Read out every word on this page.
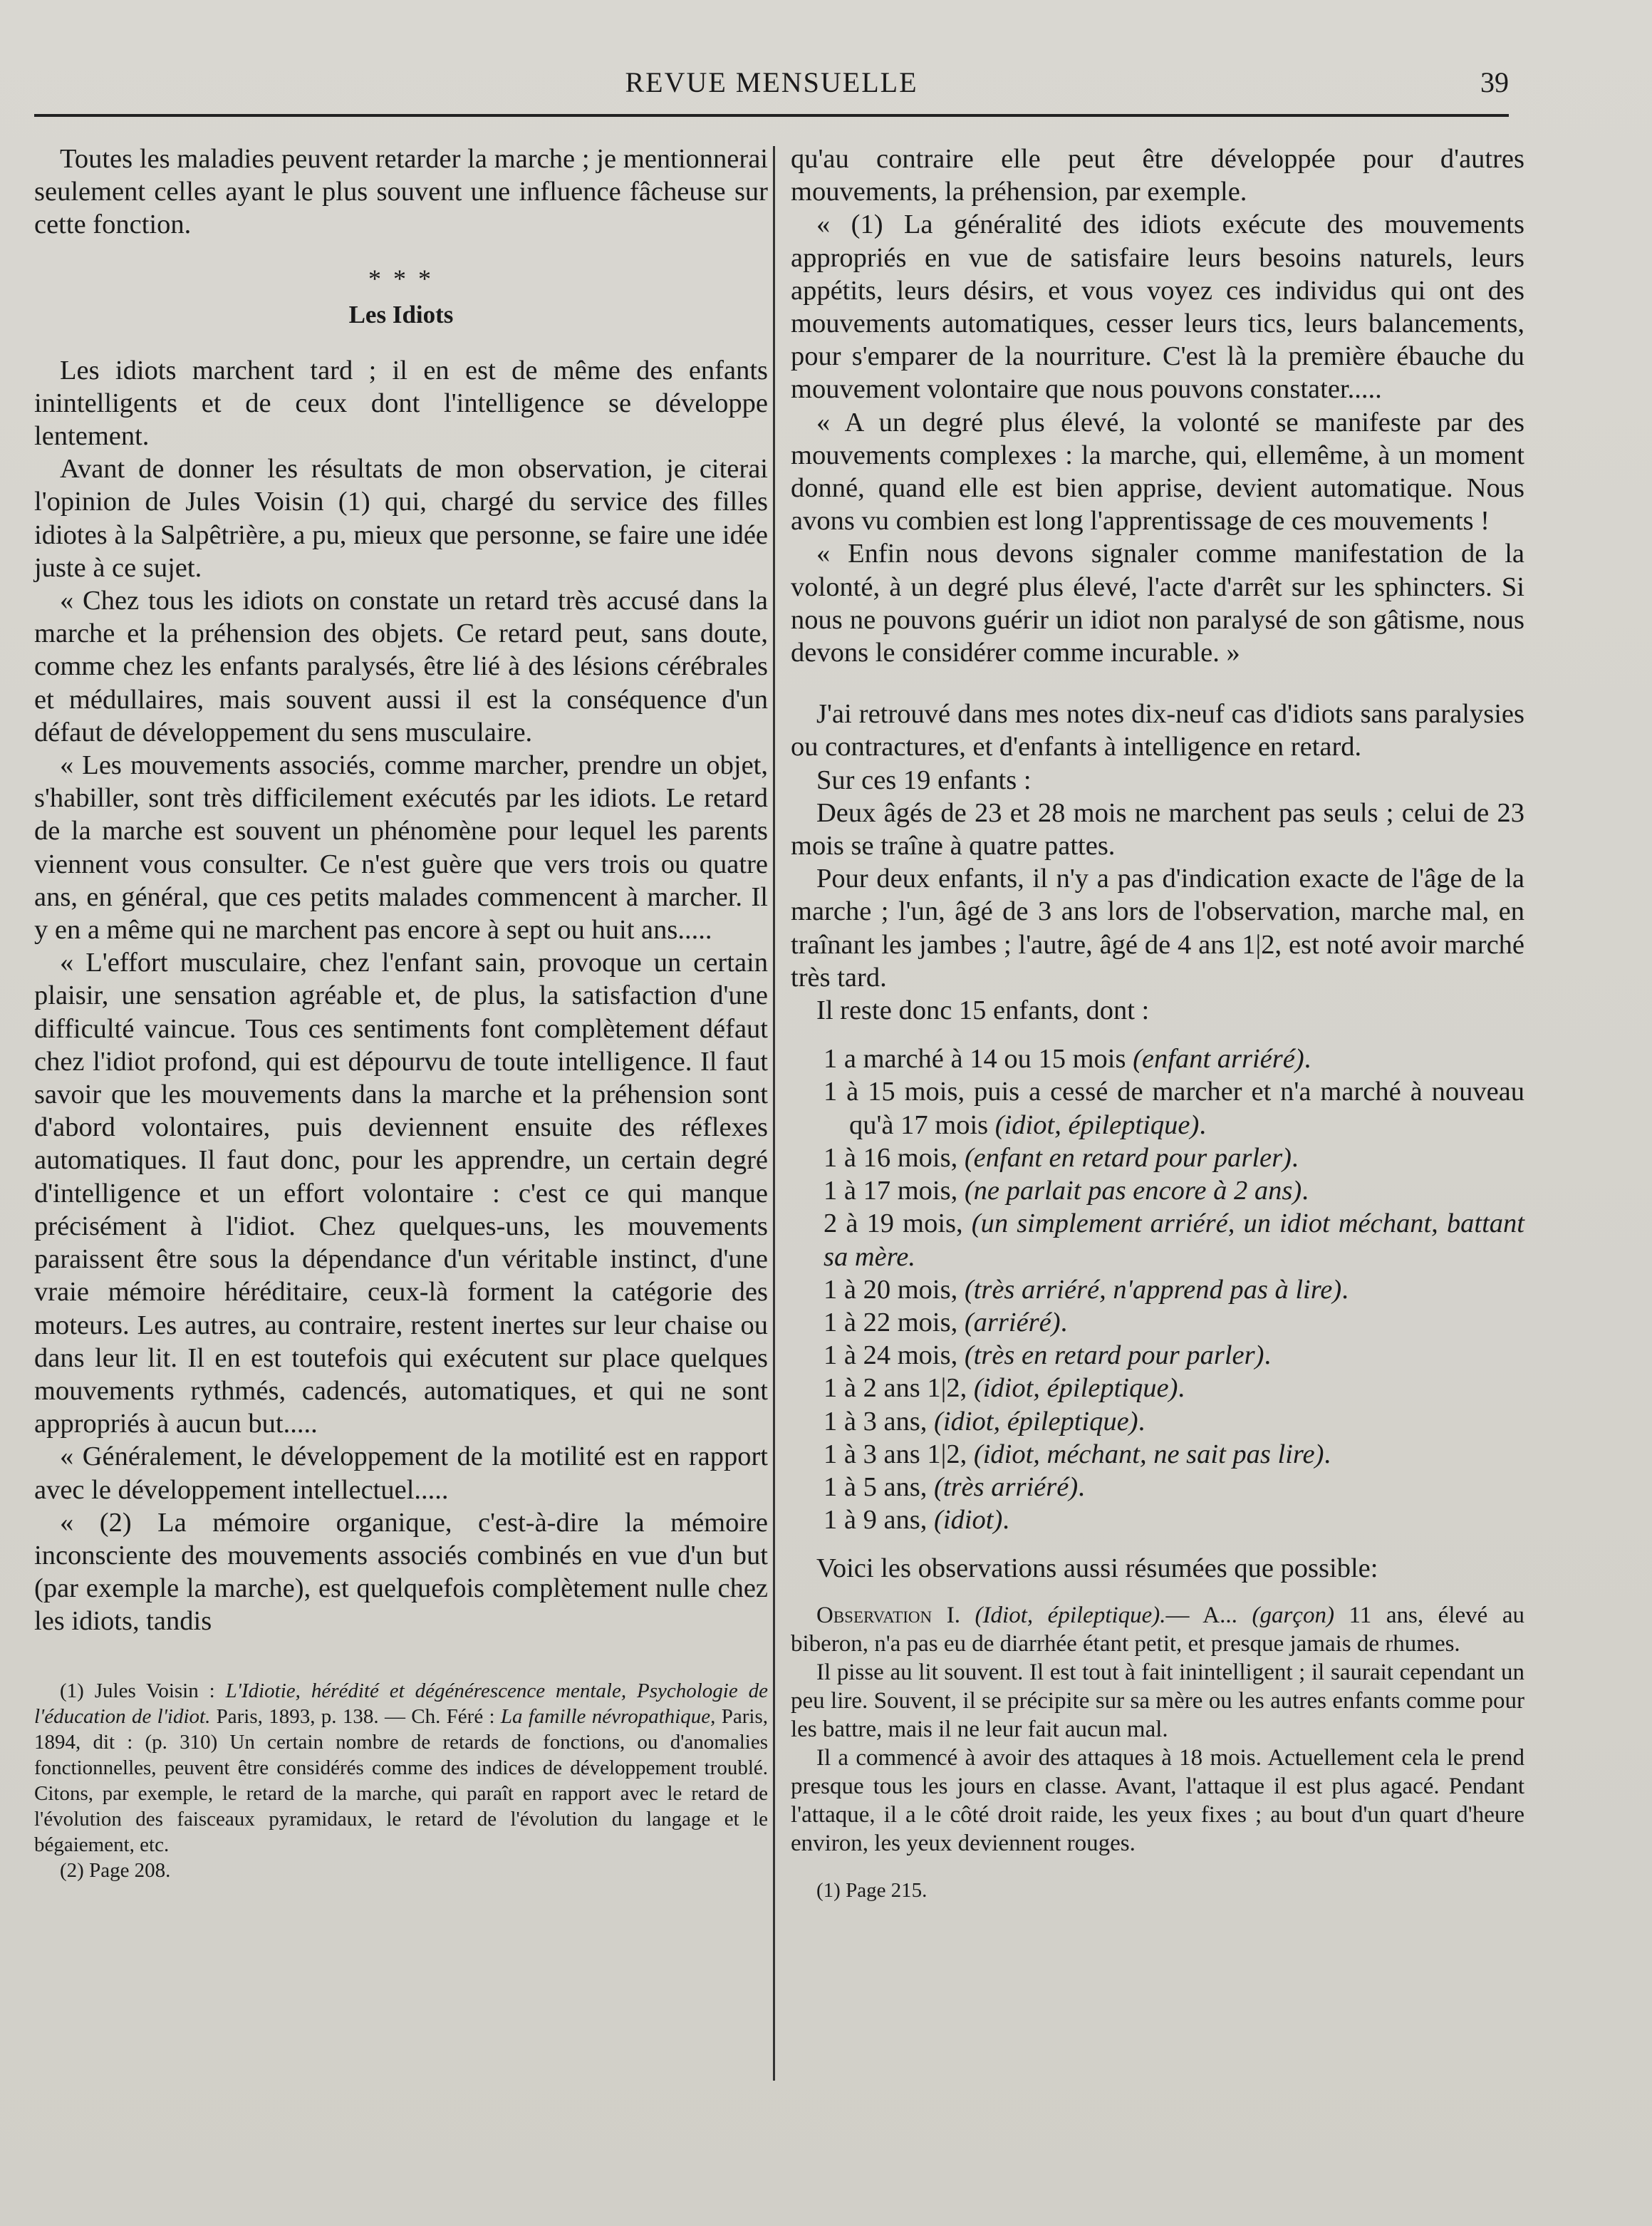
REVUE MENSUELLE	39

Toutes les maladies peuvent retarder la marche ; je mentionnerai seulement celles ayant le plus souvent une influence fâcheuse sur cette fonction.

* * *
Les Idiots

Les idiots marchent tard ; il en est de même des enfants inintelligents et de ceux dont l'intelligence se développe lentement.

Avant de donner les résultats de mon observation, je citerai l'opinion de Jules Voisin (1) qui, chargé du service des filles idiotes à la Salpêtrière, a pu, mieux que personne, se faire une idée juste à ce sujet.

« Chez tous les idiots on constate un retard très accusé dans la marche et la préhension des objets. Ce retard peut, sans doute, comme chez les enfants paralysés, être lié à des lésions cérébrales et médullaires, mais souvent aussi il est la conséquence d'un défaut de développement du sens musculaire.

« Les mouvements associés, comme marcher, prendre un objet, s'habiller, sont très difficilement exécutés par les idiots. Le retard de la marche est souvent un phénomène pour lequel les parents viennent vous consulter. Ce n'est guère que vers trois ou quatre ans, en général, que ces petits malades commencent à marcher. Il y en a même qui ne marchent pas encore à sept ou huit ans.....

« L'effort musculaire, chez l'enfant sain, provoque un certain plaisir, une sensation agréable et, de plus, la satisfaction d'une difficulté vaincue. Tous ces sentiments font complètement défaut chez l'idiot profond, qui est dépourvu de toute intelligence. Il faut savoir que les mouvements dans la marche et la préhension sont d'abord volontaires, puis deviennent ensuite des réflexes automatiques. Il faut donc, pour les apprendre, un certain degré d'intelligence et un effort volontaire : c'est ce qui manque précisément à l'idiot. Chez quelques-uns, les mouvements paraissent être sous la dépendance d'un véritable instinct, d'une vraie mémoire héréditaire, ceux-là forment la catégorie des moteurs. Les autres, au contraire, restent inertes sur leur chaise ou dans leur lit. Il en est toutefois qui exécutent sur place quelques mouvements rythmés, cadencés, automatiques, et qui ne sont appropriés à aucun but.....

« Généralement, le développement de la motilité est en rapport avec le développement intellectuel.....

« (2) La mémoire organique, c'est-à-dire la mémoire inconsciente des mouvements associés combinés en vue d'un but (par exemple la marche), est quelquefois complètement nulle chez les idiots, tandis

(1) Jules Voisin : L'Idiotie, hérédité et dégénérescence mentale, Psychologie de l'éducation de l'idiot. Paris, 1893, p. 138. — Ch. Féré : La famille névropathique, Paris, 1894, dit : (p. 310) Un certain nombre de retards de fonctions, ou d'anomalies fonctionnelles, peuvent être considérés comme des indices de développement troublé. Citons, par exemple, le retard de la marche, qui paraît en rapport avec le retard de l'évolution des faisceaux pyramidaux, le retard de l'évolution du langage et le bégaiement, etc.

(2) Page 208.

qu'au contraire elle peut être développée pour d'autres mouvements, la préhension, par exemple.

« (1) La généralité des idiots exécute des mouvements appropriés en vue de satisfaire leurs besoins naturels, leurs appétits, leurs désirs, et vous voyez ces individus qui ont des mouvements automatiques, cesser leurs tics, leurs balancements, pour s'emparer de la nourriture. C'est là la première ébauche du mouvement volontaire que nous pouvons constater.....

« A un degré plus élevé, la volonté se manifeste par des mouvements complexes : la marche, qui, ellemême, à un moment donné, quand elle est bien apprise, devient automatique. Nous avons vu combien est long l'apprentissage de ces mouvements !

« Enfin nous devons signaler comme manifestation de la volonté, à un degré plus élevé, l'acte d'arrêt sur les sphincters. Si nous ne pouvons guérir un idiot non paralysé de son gâtisme, nous devons le considérer comme incurable. »

J'ai retrouvé dans mes notes dix-neuf cas d'idiots sans paralysies ou contractures, et d'enfants à intelligence en retard.

Sur ces 19 enfants :

Deux âgés de 23 et 28 mois ne marchent pas seuls ; celui de 23 mois se traîne à quatre pattes.

Pour deux enfants, il n'y a pas d'indication exacte de l'âge de la marche ; l'un, âgé de 3 ans lors de l'observation, marche mal, en traînant les jambes ; l'autre, âgé de 4 ans 1|2, est noté avoir marché très tard.

Il reste donc 15 enfants, dont :

1 a marché à 14 ou 15 mois (enfant arriéré).

1 à 15 mois, puis a cessé de marcher et n'a marché à nouveau qu'à 17 mois (idiot, épileptique).

1 à 16 mois, (enfant en retard pour parler).

1 à 17 mois, (ne parlait pas encore à 2 ans).

2 à 19 mois, (un simplement arriéré, un idiot méchant, battant sa mère.

1 à 20 mois, (très arriéré, n'apprend pas à lire).

1 à 22 mois, (arriéré).

1 à 24 mois, (très en retard pour parler).

1 à 2 ans 1|2, (idiot, épileptique).

1 à 3 ans, (idiot, épileptique).

1 à 3 ans 1|2, (idiot, méchant, ne sait pas lire).

1 à 5 ans, (très arriéré).

1 à 9 ans, (idiot).

Voici les observations aussi résumées que possible:

Observation I. (Idiot, épileptique).— A... (garçon) 11 ans, élevé au biberon, n'a pas eu de diarrhée étant petit, et presque jamais de rhumes.

Il pisse au lit souvent. Il est tout à fait inintelligent ; il saurait cependant un peu lire. Souvent, il se précipite sur sa mère ou les autres enfants comme pour les battre, mais il ne leur fait aucun mal.

Il a commencé à avoir des attaques à 18 mois. Actuellement cela le prend presque tous les jours en classe. Avant, l'attaque il est plus agacé. Pendant l'attaque, il a le côté droit raide, les yeux fixes ; au bout d'un quart d'heure environ, les yeux deviennent rouges.

(1) Page 215.
